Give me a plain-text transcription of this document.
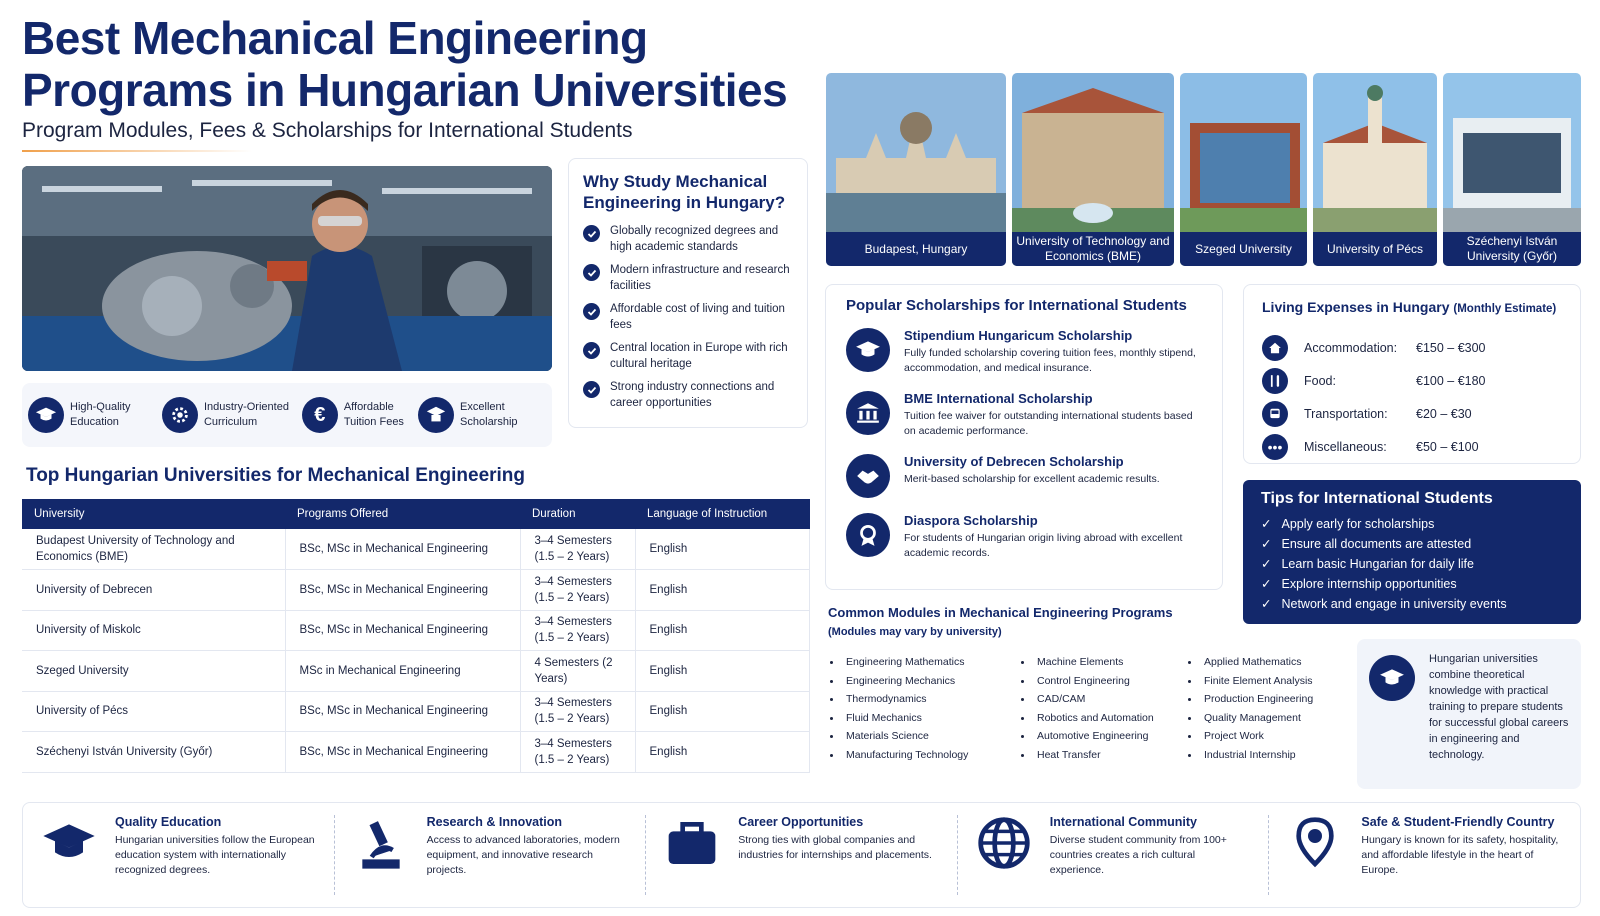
Best Mechanical Engineering Programs in Hungarian Universities
Program Modules, Fees & Scholarships for International Students
High-Quality Education
Industry-Oriented Curriculum	€ Affordable Tuition Fees
Excellent Scholarship
Why Study Mechanical Engineering in Hungary?
Globally recognized degrees and high academic standards
Modern infrastructure and research facilities
Affordable cost of living and tuition fees
Central location in Europe with rich cultural heritage
Strong industry connections and career opportunities
Top Hungarian Universities for Mechanical Engineering
University	Programs Offered	Duration	Language of Instruction
Budapest University of Technology and Economics (BME)	BSc, MSc in Mechanical Engineering	3–4 Semesters (1.5 – 2 Years)	English
University of Debrecen	BSc, MSc in Mechanical Engineering	3–4 Semesters (1.5 – 2 Years)	English
University of Miskolc	BSc, MSc in Mechanical Engineering	3–4 Semesters (1.5 – 2 Years)	English
Szeged University	MSc in Mechanical Engineering	4 Semesters (2 Years)	English
University of Pécs	BSc, MSc in Mechanical Engineering	3–4 Semesters (1.5 – 2 Years)	English
Széchenyi István University (Győr)	BSc, MSc in Mechanical Engineering	3–4 Semesters (1.5 – 2 Years)	English
Budapest, Hungary
University of Technology and Economics (BME)
Szeged University	University of Pécs
Széchenyi István University (Győr)
Popular Scholarships for International Students
Stipendium Hungaricum Scholarship

Fully funded scholarship covering tuition fees, monthly stipend, accommodation, and medical insurance.

BME International Scholarship

Tuition fee waiver for outstanding international students based on academic performance.

University of Debrecen Scholarship

Merit-based scholarship for excellent academic results.

Diaspora Scholarship

For students of Hungarian origin living abroad with excellent academic records.

Living Expenses in Hungary (Monthly Estimate)
Accommodation:	€150 – €300
Food:	€100 – €180
Transportation:	€20 – €30
••• Miscellaneous:	€50 – €100
Tips for International Students
✓ Apply early for scholarships
✓ Ensure all documents are attested
✓ Learn basic Hungarian for daily life
✓ Explore internship opportunities
✓ Network and engage in university events
Common Modules in Mechanical Engineering Programs
(Modules may vary by university)
Engineering Mathematics
Engineering Mechanics
Thermodynamics
Fluid Mechanics
Materials Science
Manufacturing Technology
Machine Elements
Control Engineering
CAD/CAM
Robotics and Automation
Automotive Engineering
Heat Transfer
Applied Mathematics
Finite Element Analysis
Production Engineering
Quality Management
Project Work
Industrial Internship

Hungarian universities combine theoretical knowledge with practical training to prepare students for successful global careers in engineering and technology.

Quality Education

Hungarian universities follow the European education system with internationally recognized degrees.

Research & Innovation

Access to advanced laboratories, modern equipment, and innovative research projects.

Career Opportunities

Strong ties with global companies and industries for internships and placements.

International Community

Diverse student community from 100+ countries creates a rich cultural experience.

Safe & Student-Friendly Country

Hungary is known for its safety, hospitality, and affordable lifestyle in the heart of Europe.
